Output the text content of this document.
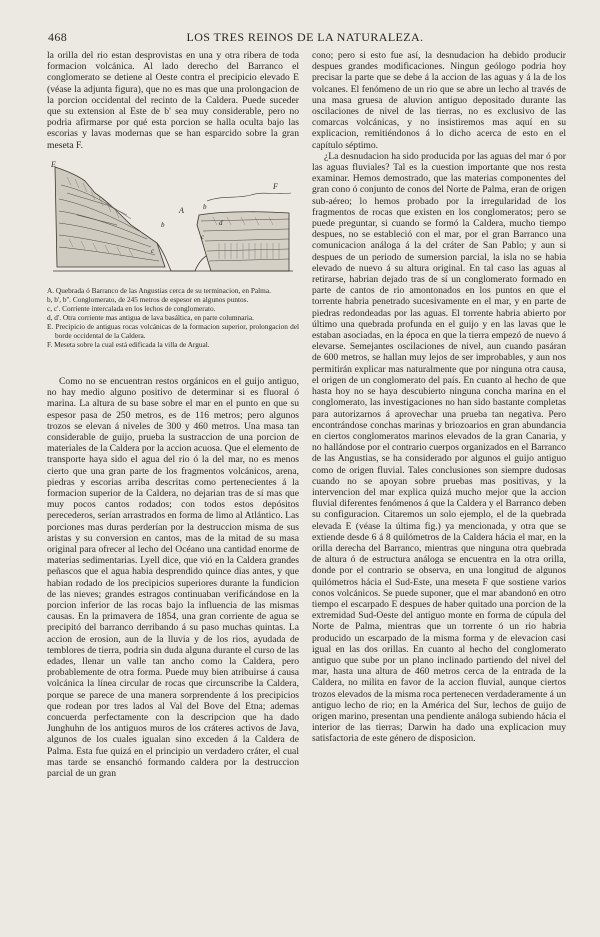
468	LOS TRES REINOS DE LA NATURALEZA.

la orilla del rio estan desprovistas en una y otra ribera de toda formacion volcánica. Al lado derecho del Barranco el conglomerato se detiene al Oeste contra el precipicio elevado E (véase la adjunta figura), que no es mas que una prolongacion de la porcion occidental del recinto de la Caldera. Puede suceder que su extension al Este de b' sea muy considerable, pero no podria afirmarse por qué esta porcion se halla oculta bajo las escorias y lavas modernas que se han esparcido sobre la gran meseta F.

E
A
b
c
d
c
b
F
A. Quebrada ó Barranco de las Angustias cerca de su terminacion, en Palma.
b, b', b''. Conglomerato, de 245 metros de espesor en algunos puntos.
c, c'. Corriente intercalada en los lechos de conglomerato.
d, d'. Otra corriente mas antigua de lava basáltica, en parte columnaria.
E. Precipicio de antiguas rocas volcánicas de la formacion superior, prolongacion del borde occidental de la Caldera.
F. Meseta sobre la cual está edificada la villa de Argual.

Como no se encuentran restos orgánicos en el guijo antiguo, no hay medio alguno positivo de determinar si es fluoral ó marina. La altura de su base sobre el mar en el punto en que su espesor pasa de 250 metros, es de 116 metros; pero algunos trozos se elevan á niveles de 300 y 460 metros. Una masa tan considerable de guijo, prueba la sustraccion de una porcion de materiales de la Caldera por la accion acuosa. Que el elemento de transporte haya sido el agua del rio ó la del mar, no es menos cierto que una gran parte de los fragmentos volcánicos, arena, piedras y escorias arriba descritas como pertenecientes á la formacion superior de la Caldera, no dejarian tras de sí mas que muy pocos cantos rodados; con todos estos depósitos perecederos, serían arrastrados en forma de limo al Atlántico. Las porciones mas duras perderían por la destruccion misma de sus aristas y su conversion en cantos, mas de la mitad de su masa original para ofrecer al lecho del Océano una cantidad enorme de materias sedimentarias. Lyell dice, que vió en la Caldera grandes peñascos que el agua habia desprendido quince dias antes, y que habian rodado de los precipicios superiores durante la fundicion de las nieves; grandes estragos continuaban verificándose en la porcion inferior de las rocas bajo la influencia de las mismas causas. En la primavera de 1854, una gran corriente de agua se precipitó del barranco derribando á su paso muchas quintas. La accion de erosion, aun de la lluvia y de los rios, ayudada de temblores de tierra, podria sin duda alguna durante el curso de las edades, llenar un valle tan ancho como la Caldera, pero probablemente de otra forma. Puede muy bien atribuirse á causa volcánica la línea circular de rocas que circunscribe la Caldera, porque se parece de una manera sorprendente á los precipicios que rodean por tres lados al Val del Bove del Etna; ademas concuerda perfectamente con la descripcion que ha dado Junghuhn de los antiguos muros de los cráteres activos de Java, algunos de los cuales igualan sino exceden á la Caldera de Palma. Esta fue quizá en el principio un verdadero cráter, el cual mas tarde se ensanchó formando caldera por la destruccion parcial de un gran

cono; pero si esto fue así, la desnudacion ha debido producir despues grandes modificaciones. Ningun geólogo podria hoy precisar la parte que se debe á la accion de las aguas y á la de los volcanes. El fenómeno de un rio que se abre un lecho al través de una masa gruesa de aluvion antiguo depositado durante las oscilaciones de nivel de las tierras, no es exclusivo de las comarcas volcánicas, y no insistiremos mas aquí en su explicacion, remitiéndonos á lo dicho acerca de esto en el capítulo séptimo.

¿La desnudacion ha sido producida por las aguas del mar ó por las aguas fluviales? Tal es la cuestion importante que nos resta examinar. Hemos demostrado, que las materias componentes del gran cono ó conjunto de conos del Norte de Palma, eran de origen sub-aéreo; lo hemos probado por la irregularidad de los fragmentos de rocas que existen en los conglomeratos; pero se puede preguntar, si cuando se formó la Caldera, mucho tiempo despues, no se estableció con el mar, por el gran Barranco una comunicacion análoga á la del cráter de San Pablo; y aun si despues de un periodo de sumersion parcial, la isla no se habia elevado de nuevo á su altura original. En tal caso las aguas al retirarse, habrian dejado tras de sí un conglomerato formado en parte de cantos de rio amontonados en los puntos en que el torrente habria penetrado sucesivamente en el mar, y en parte de piedras redondeadas por las aguas. El torrente habria abierto por último una quebrada profunda en el guijo y en las lavas que le estaban asociadas, en la época en que la tierra empezó de nuevo á elevarse. Semejantes oscilaciones de nivel, aun cuando pasáran de 600 metros, se hallan muy lejos de ser improbables, y aun nos permitirán explicar mas naturalmente que por ninguna otra causa, el origen de un conglomerato del país. En cuanto al hecho de que hasta hoy no se haya descubierto ninguna concha marina en el conglomerato, las investigaciones no han sido bastante completas para autorizarnos á aprovechar una prueba tan negativa. Pero encontrándose conchas marinas y briozoarios en gran abundancia en ciertos conglomeratos marinos elevados de la gran Canaria, y no hallándose por el contrario cuerpos organizados en el Barranco de las Angustias, se ha considerado por algunos el guijo antiguo como de origen fluvial. Tales conclusiones son siempre dudosas cuando no se apoyan sobre pruebas mas positivas, y la intervencion del mar explica quizá mucho mejor que la accion fluvial diferentes fenómenos á que la Caldera y el Barranco deben su configuracion. Citaremos un solo ejemplo, el de la quebrada elevada E (véase la última fig.) ya mencionada, y otra que se extiende desde 6 á 8 quilómetros de la Caldera hácia el mar, en la orilla derecha del Barranco, mientras que ninguna otra quebrada de altura ó de estructura análoga se encuentra en la otra orilla, donde por el contrario se observa, en una longitud de algunos quilómetros hácia el Sud-Este, una meseta F que sostiene varios conos volcánicos. Se puede suponer, que el mar abandonó en otro tiempo el escarpado E despues de haber quitado una porcion de la extremidad Sud-Oeste del antiguo monte en forma de cúpula del Norte de Palma, mientras que un torrente ó un rio habria producido un escarpado de la misma forma y de elevacion casi igual en las dos orillas. En cuanto al hecho del conglomerato antiguo que sube por un plano inclinado partiendo del nivel del mar, hasta una altura de 460 metros cerca de la entrada de la Caldera, no milita en favor de la accion fluvial, aunque ciertos trozos elevados de la misma roca pertenecen verdaderamente á un antiguo lecho de rio; en la América del Sur, lechos de guijo de origen marino, presentan una pendiente análoga subiendo hácia el interior de las tierras; Darwin ha dado una explicacion muy satisfactoria de este género de disposicion.
